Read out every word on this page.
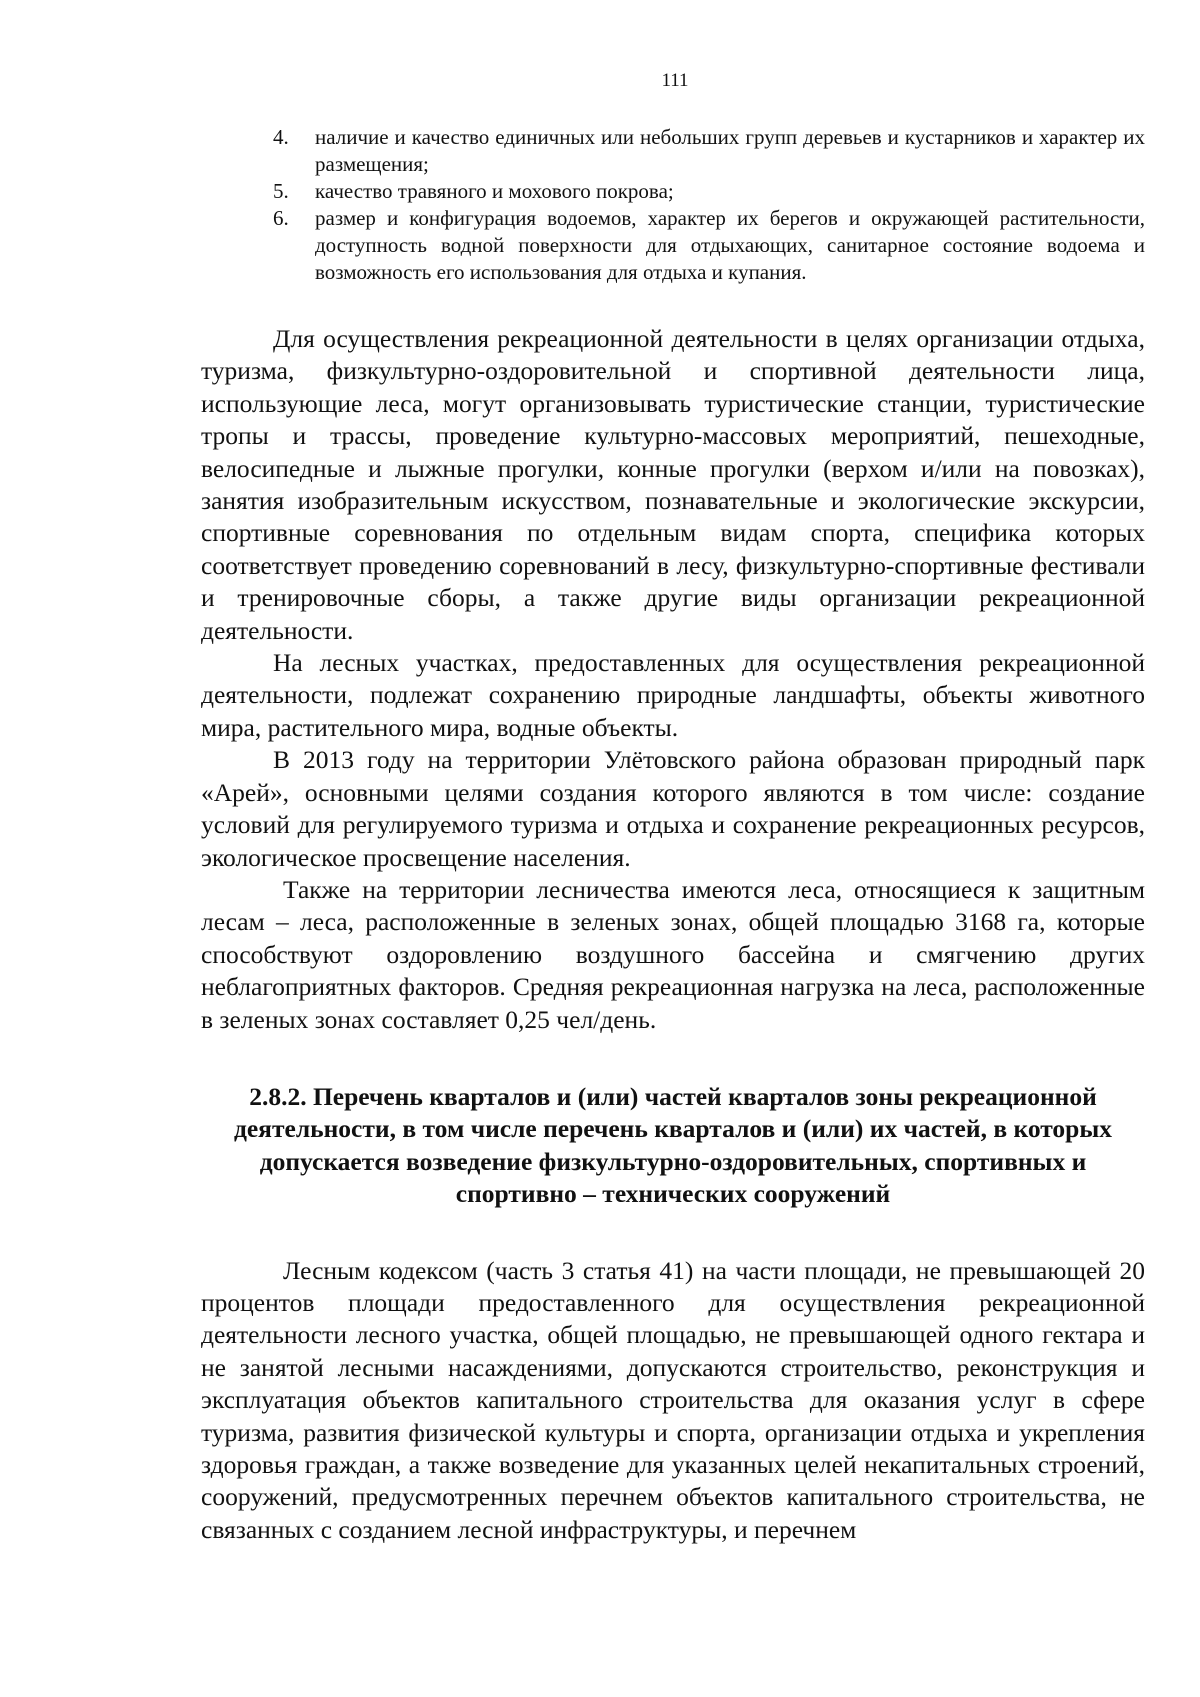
111
4. наличие и качество единичных или небольших групп деревьев и кустарников и характер их размещения;
5. качество травяного и мохового покрова;
6. размер и конфигурация водоемов, характер их берегов и окружающей растительности, доступность водной поверхности для отдыхающих, санитарное состояние водоема и возможность его использования для отдыха и купания.

Для осуществления рекреационной деятельности в целях организации отдыха, туризма, физкультурно-оздоровительной и спортивной деятельности лица, использующие леса, могут организовывать туристические станции, туристические тропы и трассы, проведение культурно-массовых мероприятий, пешеходные, велосипедные и лыжные прогулки, конные прогулки (верхом и/или на повозках), занятия изобразительным искусством, познавательные и экологические экскурсии, спортивные соревнования по отдельным видам спорта, специфика которых соответствует проведению соревнований в лесу, физкультурно-спортивные фестивали и тренировочные сборы, а также другие виды организации рекреационной деятельности.

На лесных участках, предоставленных для осуществления рекреационной деятельности, подлежат сохранению природные ландшафты, объекты животного мира, растительного мира, водные объекты.

В 2013 году на территории Улётовского района образован природный парк «Арей», основными целями создания которого являются в том числе: создание условий для регулируемого туризма и отдыха и сохранение рекреационных ресурсов, экологическое просвещение населения.

Также на территории лесничества имеются леса, относящиеся к защитным лесам – леса, расположенные в зеленых зонах, общей площадью 3168 га, которые способствуют оздоровлению воздушного бассейна и смягчению других неблагоприятных факторов. Средняя рекреационная нагрузка на леса, расположенные в зеленых зонах составляет 0,25 чел/день.

2.8.2. Перечень кварталов и (или) частей кварталов зоны рекреационной деятельности, в том числе перечень кварталов и (или) их частей, в которых допускается возведение физкультурно-оздоровительных, спортивных и спортивно – технических сооружений

Лесным кодексом (часть 3 статья 41) на части площади, не превышающей 20 процентов площади предоставленного для осуществления рекреационной деятельности лесного участка, общей площадью, не превышающей одного гектара и не занятой лесными насаждениями, допускаются строительство, реконструкция и эксплуатация объектов капитального строительства для оказания услуг в сфере туризма, развития физической культуры и спорта, организации отдыха и укрепления здоровья граждан, а также возведение для указанных целей некапитальных строений, сооружений, предусмотренных перечнем объектов капитального строительства, не связанных с созданием лесной инфраструктуры, и перечнем
